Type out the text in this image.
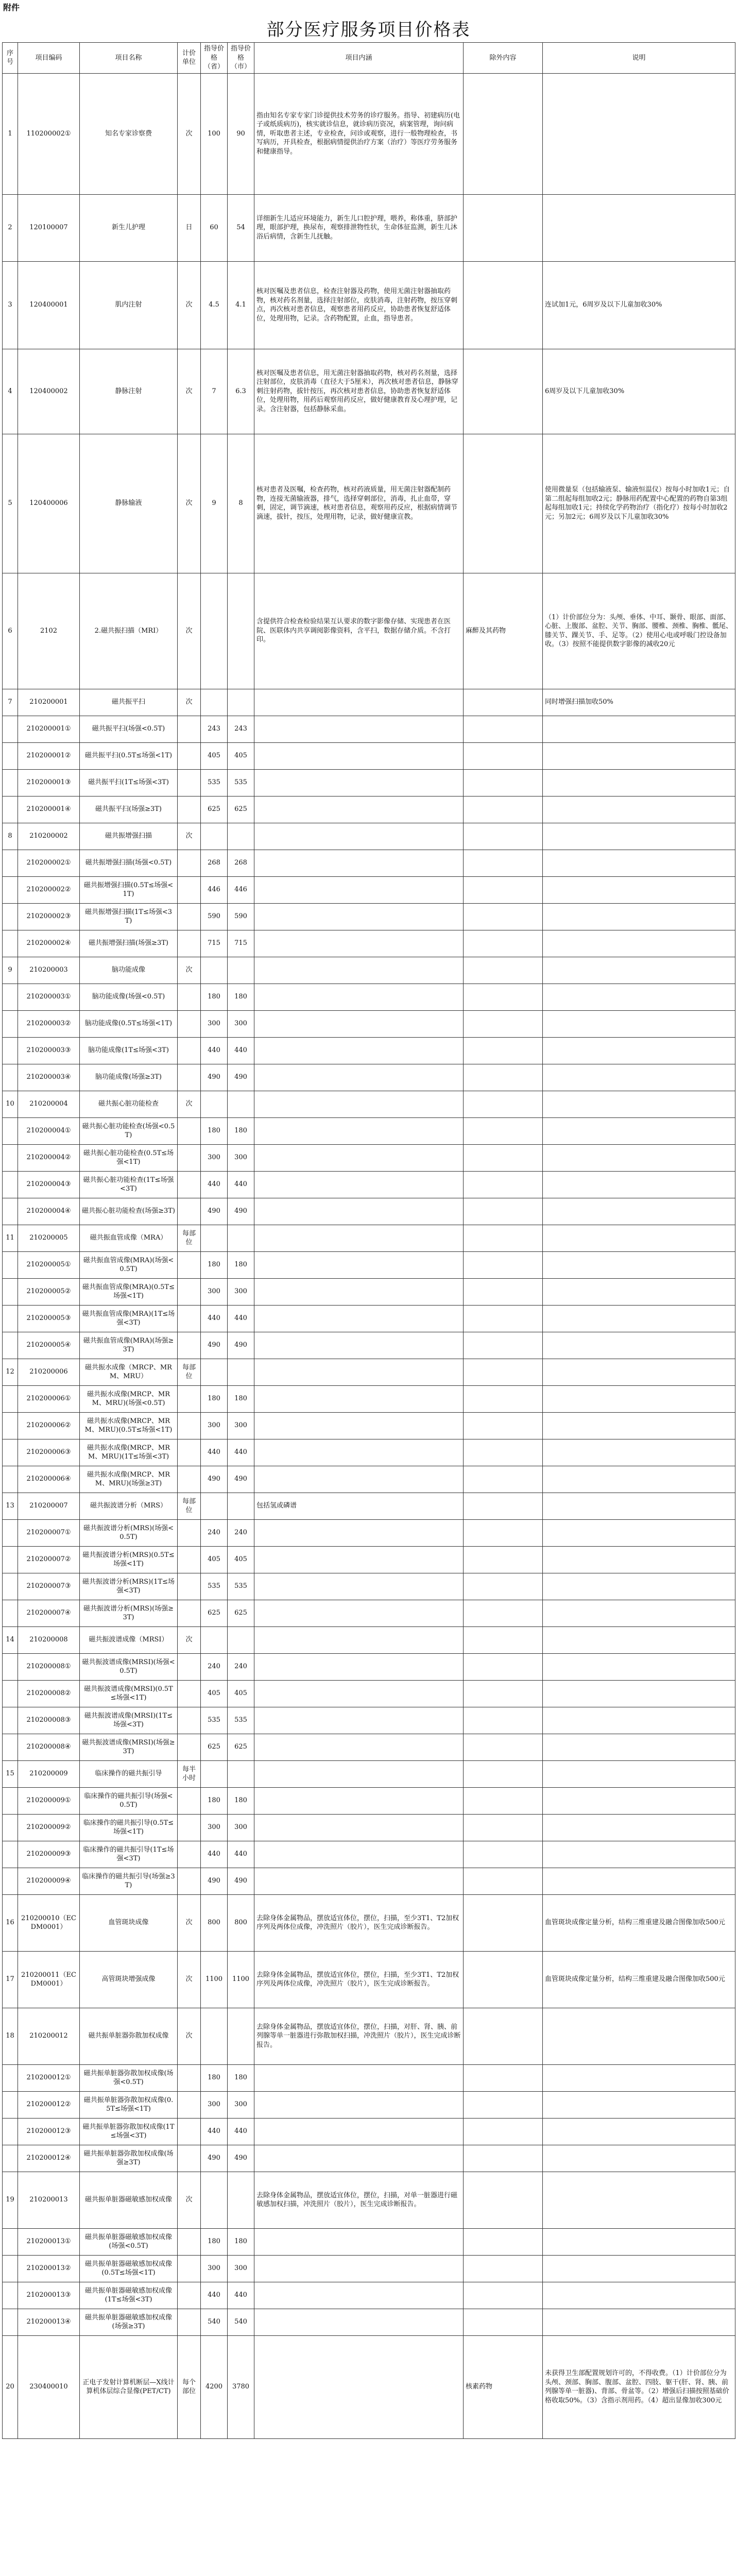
附件
部分医疗服务项目价格表
序号	项目编码	项目名称	计价单位	指导价格（省）	指导价格（市）	项目内涵	除外内容	说明
1	110200002①	知名专家诊察费	次	100	90	指由知名专家专家门诊提供技术劳务的诊疗服务。指导、初建病历(电子或纸质病历)，核实就诊信息，就诊病历资况，病案管理，询问病情，听取患者主述，专业检查，问诊或观察，进行一般物理检查，书写病历，开具检查，根据病情提供治疗方案（治疗）等医疗劳务服务和健康指导。		
2	120100007	新生儿护理	日	60	54	详细新生儿适应环境能力，新生儿口腔护理，喂养，称体重，脐部护理，眼部护理，换尿布，观察排泄物性状，生命体征监测，新生儿沐浴后病情，含新生儿抚触。		
3	120400001	肌内注射	次	4.5	4.1	核对医嘱及患者信息，检查注射器及药物，使用无菌注射器抽取药物，核对药名剂量，选择注射部位，皮肤消毒，注射药物，按压穿刺点，再次核对患者信息，观察患者用药反应，协助患者恢复舒适体位，处理用物，记录。含药物配置，止血，指导患者。		连试加1元，6周岁及以下儿童加收30%
4	120400002	静脉注射	次	7	6.3	核对医嘱及患者信息，用无菌注射器抽取药物，核对药名剂量，选择注射部位，皮肤消毒（直径大于5厘米），再次核对患者信息，静脉穿刺注射药物，拔针按压，再次核对患者信息，协助患者恢复舒适体位，处理用物，用药后观察用药反应，做好健康教育及心理护理，记录。含注射器，包括静脉采血。		6周岁及以下儿童加收30%
5	120400006	静脉输液	次	9	8	核对患者及医嘱，检查药物，核对药液质量，用无菌注射器配制药物，连接无菌输液器，排气，选择穿刺部位，消毒，扎止血带，穿刺，固定，调节滴速，核对患者信息，观察用药反应，根据病情调节滴速，拔针，按压，处理用物，记录，做好健康宣教。		使用微量泵（包括输液泵、输液恒温仪）按每小时加收1元；自第二组起每组加收2元；静脉用药配置中心配置的药物自第3组起每组加收1元；持续化学药物治疗（指化疗）按每小时加收2元；另加2元；6周岁及以下儿童加收30%
6	2102	2.磁共振扫描（MRI）	次			含提供符合检查检验结果互认要求的数字影像存储、实现患者在医院、医联体内共享调阅影像资料，含平扫，数据存储介质。不含打印。	麻醉及其药物	（1）计价部位分为：头颅、垂体、中耳、颞骨、眼部、面部、心脏、上腹部、盆腔、关节、胸部、腰椎、颈椎、胸椎、骶尾、膝关节、踝关节、手、足等。（2）使用心电或呼吸门控设备加收。（3）按照不能提供数字影像的减收20元
7	210200001	磁共振平扫	次					同时增强扫描加收50%
	210200001①	磁共振平扫(场强<0.5T)		243	243			
	210200001②	磁共振平扫(0.5T≤场强<1T)		405	405			
	210200001③	磁共振平扫(1T≤场强<3T)		535	535			
	210200001④	磁共振平扫(场强≥3T)		625	625			
8	210200002	磁共振增强扫描	次					
	210200002①	磁共振增强扫描(场强<0.5T)		268	268			
	210200002②	磁共振增强扫描(0.5T≤场强<1T)		446	446			
	210200002③	磁共振增强扫描(1T≤场强<3T)		590	590			
	210200002④	磁共振增强扫描(场强≥3T)		715	715			
9	210200003	脑功能成像	次					
	210200003①	脑功能成像(场强<0.5T)		180	180			
	210200003②	脑功能成像(0.5T≤场强<1T)		300	300			
	210200003③	脑功能成像(1T≤场强<3T)		440	440			
	210200003④	脑功能成像(场强≥3T)		490	490			
10	210200004	磁共振心脏功能检查	次					
	210200004①	磁共振心脏功能检查(场强<0.5T)		180	180			
	210200004②	磁共振心脏功能检查(0.5T≤场强<1T)		300	300			
	210200004③	磁共振心脏功能检查(1T≤场强<3T)		440	440			
	210200004④	磁共振心脏功能检查(场强≥3T)		490	490			
11	210200005	磁共振血管成像（MRA）	每部位					
	210200005①	磁共振血管成像(MRA)(场强<0.5T)		180	180			
	210200005②	磁共振血管成像(MRA)(0.5T≤场强<1T)		300	300			
	210200005③	磁共振血管成像(MRA)(1T≤场强<3T)		440	440			
	210200005④	磁共振血管成像(MRA)(场强≥3T)		490	490			
12	210200006	磁共振水成像（MRCP、MRM、MRU）	每部位					
	210200006①	磁共振水成像(MRCP、MRM、MRU)(场强<0.5T)		180	180			
	210200006②	磁共振水成像(MRCP、MRM、MRU)(0.5T≤场强<1T)		300	300			
	210200006③	磁共振水成像(MRCP、MRM、MRU)(1T≤场强<3T)		440	440			
	210200006④	磁共振水成像(MRCP、MRM、MRU)(场强≥3T)		490	490			
13	210200007	磁共振波谱分析（MRS）	每部位			包括氢或磷谱		
	210200007①	磁共振波谱分析(MRS)(场强<0.5T)		240	240			
	210200007②	磁共振波谱分析(MRS)(0.5T≤场强<1T)		405	405			
	210200007③	磁共振波谱分析(MRS)(1T≤场强<3T)		535	535			
	210200007④	磁共振波谱分析(MRS)(场强≥3T)		625	625			
14	210200008	磁共振波谱成像（MRSI）	次					
	210200008①	磁共振波谱成像(MRSI)(场强<0.5T)		240	240			
	210200008②	磁共振波谱成像(MRSI)(0.5T≤场强<1T)		405	405			
	210200008③	磁共振波谱成像(MRSI)(1T≤场强<3T)		535	535			
	210200008④	磁共振波谱成像(MRSI)(场强≥3T)		625	625			
15	210200009	临床操作的磁共振引导	每半小时					
	210200009①	临床操作的磁共振引导(场强<0.5T)		180	180			
	210200009②	临床操作的磁共振引导(0.5T≤场强<1T)		300	300			
	210200009③	临床操作的磁共振引导(1T≤场强<3T)		440	440			
	210200009④	临床操作的磁共振引导(场强≥3T)		490	490			
16	210200010（ECDM0001）	血管斑块成像	次	800	800	去除身体金属物品，摆放适宜体位，摆位，扫描，至少3T1、T2加权序列及两体位成像，冲洗照片（胶片），医生完成诊断报告。		血管斑块成像定量分析，结构三维重建及融合图像加收500元
17	210200011（ECDM0001）	高管斑块增强成像	次	1100	1100	去除身体金属物品，摆放适宜体位，摆位，扫描，至少3T1、T2加权序列及两体位成像，冲洗照片（胶片），医生完成诊断报告。		血管斑块成像定量分析，结构三维重建及融合图像加收500元
18	210200012	磁共振单脏器弥散加权成像	次			去除身体金属物品，摆放适宜体位，摆位，扫描，对肝、肾、胰、前列腺等单一脏器进行弥散加权扫描，冲洗照片（胶片），医生完成诊断报告。		
	210200012①	磁共振单脏器弥散加权成像(场强<0.5T)		180	180			
	210200012②	磁共振单脏器弥散加权成像(0.5T≤场强<1T)		300	300			
	210200012③	磁共振单脏器弥散加权成像(1T≤场强<3T)		440	440			
	210200012④	磁共振单脏器弥散加权成像(场强≥3T)		490	490			
19	210200013	磁共振单脏器磁敏感加权成像	次			去除身体金属物品，摆放适宜体位，摆位，扫描，对单一脏器进行磁敏感加权扫描，冲洗照片（胶片），医生完成诊断报告。		
	210200013①	磁共振单脏器磁敏感加权成像(场强<0.5T)		180	180			
	210200013②	磁共振单脏器磁敏感加权成像(0.5T≤场强<1T)		300	300			
	210200013③	磁共振单脏器磁敏感加权成像(1T≤场强<3T)		440	440			
	210200013④	磁共振单脏器磁敏感加权成像(场强≥3T)		540	540			
20	230400010	正电子发射计算机断层—X线计算机体层综合显像(PET/CT)	每个部位	4200	3780		核素药物	未获得卫生部配置规划许可的，不得收费。（1）计价部位分为头颅、颈部、胸部、腹部、盆腔、四肢、躯干(肝、肾、胰、前列腺等单一脏器)、背部、骨盆等。（2）增强后扫描按照基础价格收取50%。（3）含指示剂用药。（4）超出显像加收300元
